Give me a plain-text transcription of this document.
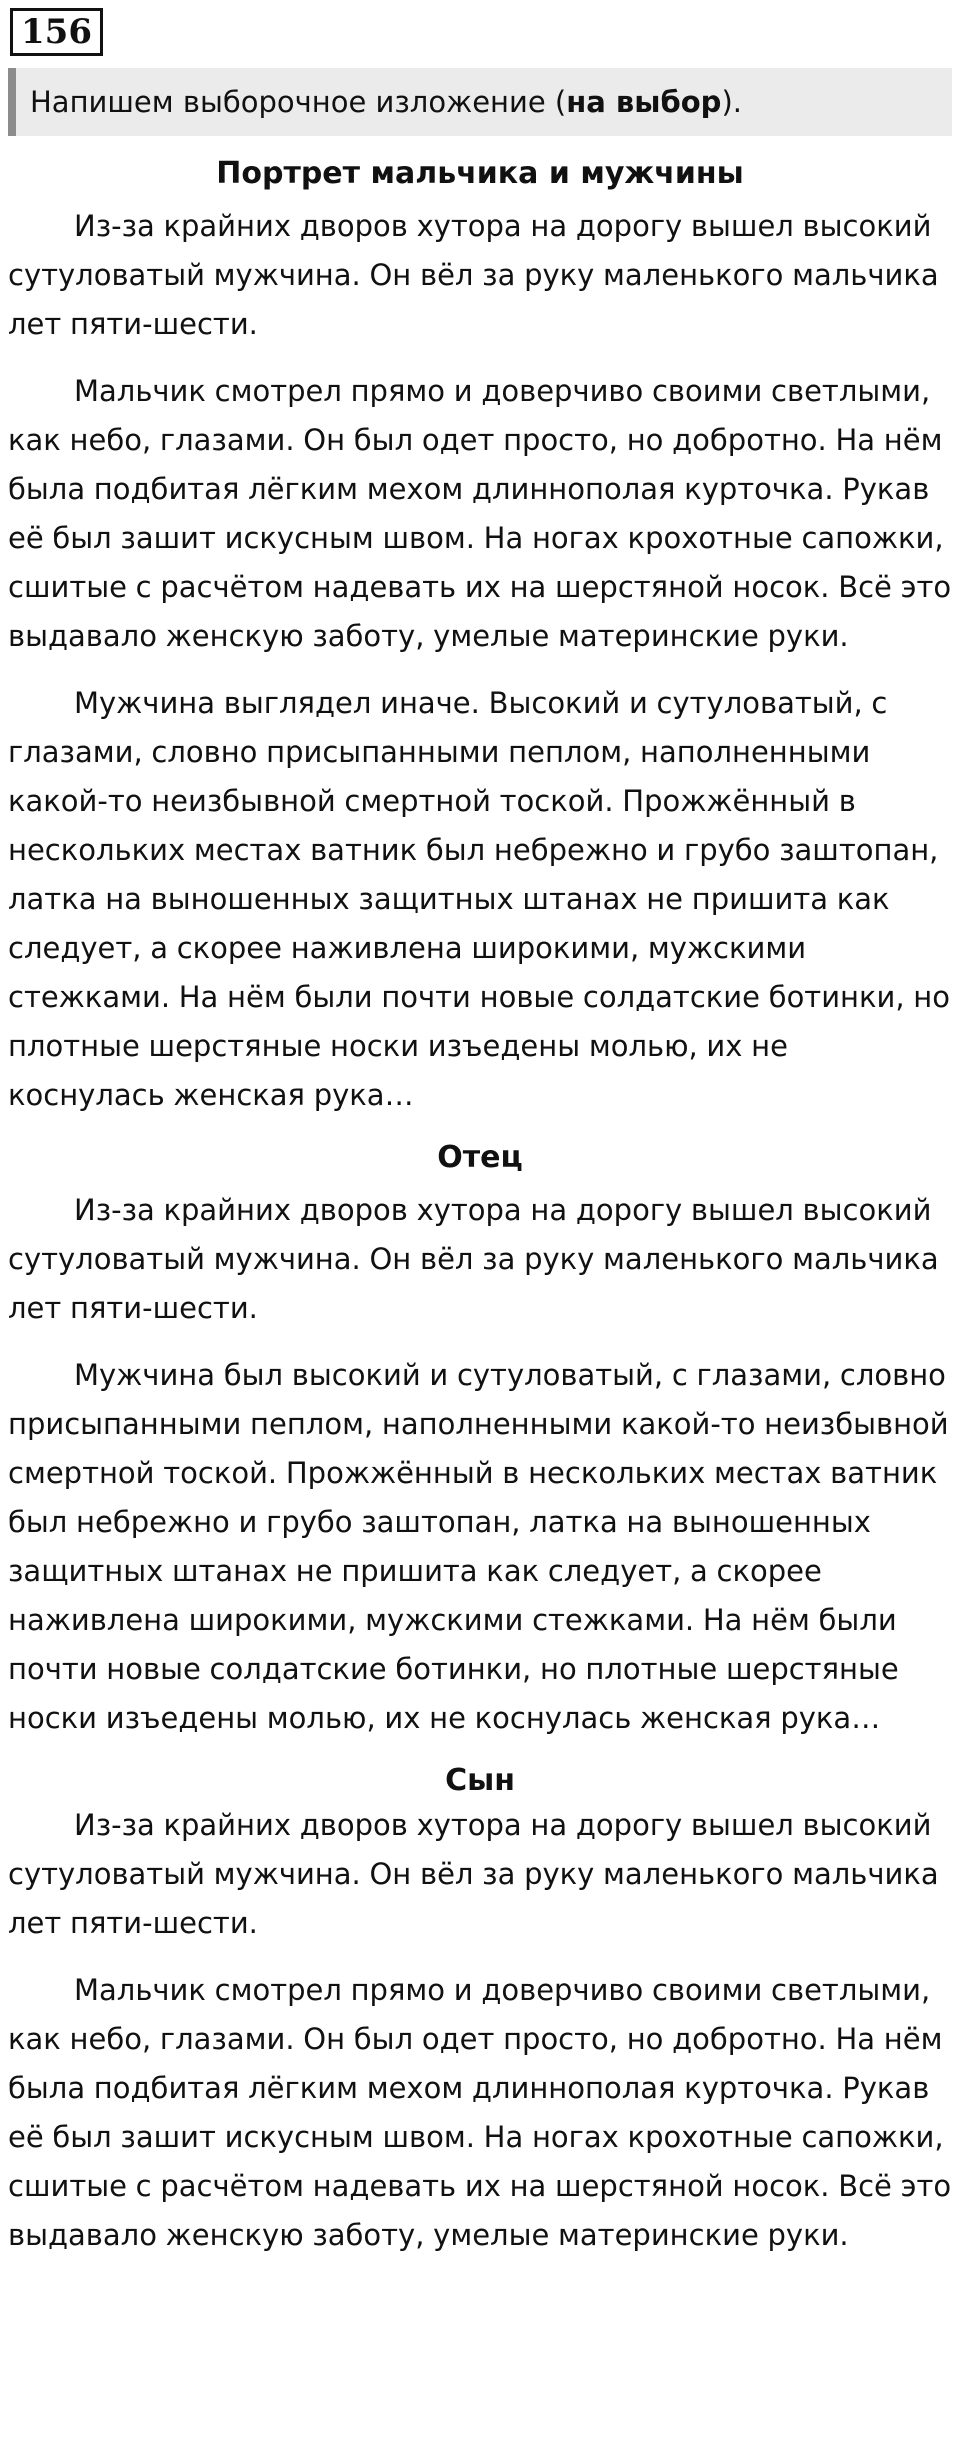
156
Напишем выборочное изложение (на выбор).
Портрет мальчика и мужчины

Из-за крайних дворов хутора на дорогу вышел высокий сутуловатый мужчина. Он вёл за руку маленького мальчика лет пяти-шести.

Мальчик смотрел прямо и доверчиво своими светлыми, как небо, глазами. Он был одет просто, но добротно. На нём была подбитая лёгким мехом длиннополая курточка. Рукав её был зашит искусным швом. На ногах крохотные сапожки, сшитые с расчётом надевать их на шерстяной носок. Всё это выдавало женскую заботу, умелые материнские руки.

Мужчина выглядел иначе. Высокий и сутуловатый, с глазами, словно присыпанными пеплом, наполненными какой-то неизбывной смертной тоской. Прожжённый в нескольких местах ватник был небрежно и грубо заштопан, латка на выношенных защитных штанах не пришита как следует, а скорее наживлена широкими, мужскими стежками. На нём были почти новые солдатские ботинки, но плотные шерстяные носки изъедены молью, их не коснулась женская рука…

Отец

Из-за крайних дворов хутора на дорогу вышел высокий сутуловатый мужчина. Он вёл за руку маленького мальчика лет пяти-шести.

Мужчина был высокий и сутуловатый, с глазами, словно присыпанными пеплом, наполненными какой-то неизбывной смертной тоской. Прожжённый в нескольких местах ватник был небрежно и грубо заштопан, латка на выношенных защитных штанах не пришита как следует, а скорее наживлена широкими, мужскими стежками. На нём были почти новые солдатские ботинки, но плотные шерстяные носки изъедены молью, их не коснулась женская рука…

Сын

Из-за крайних дворов хутора на дорогу вышел высокий сутуловатый мужчина. Он вёл за руку маленького мальчика лет пяти-шести.

Мальчик смотрел прямо и доверчиво своими светлыми, как небо, глазами. Он был одет просто, но добротно. На нём была подбитая лёгким мехом длиннополая курточка. Рукав её был зашит искусным швом. На ногах крохотные сапожки, сшитые с расчётом надевать их на шерстяной носок. Всё это выдавало женскую заботу, умелые материнские руки.
